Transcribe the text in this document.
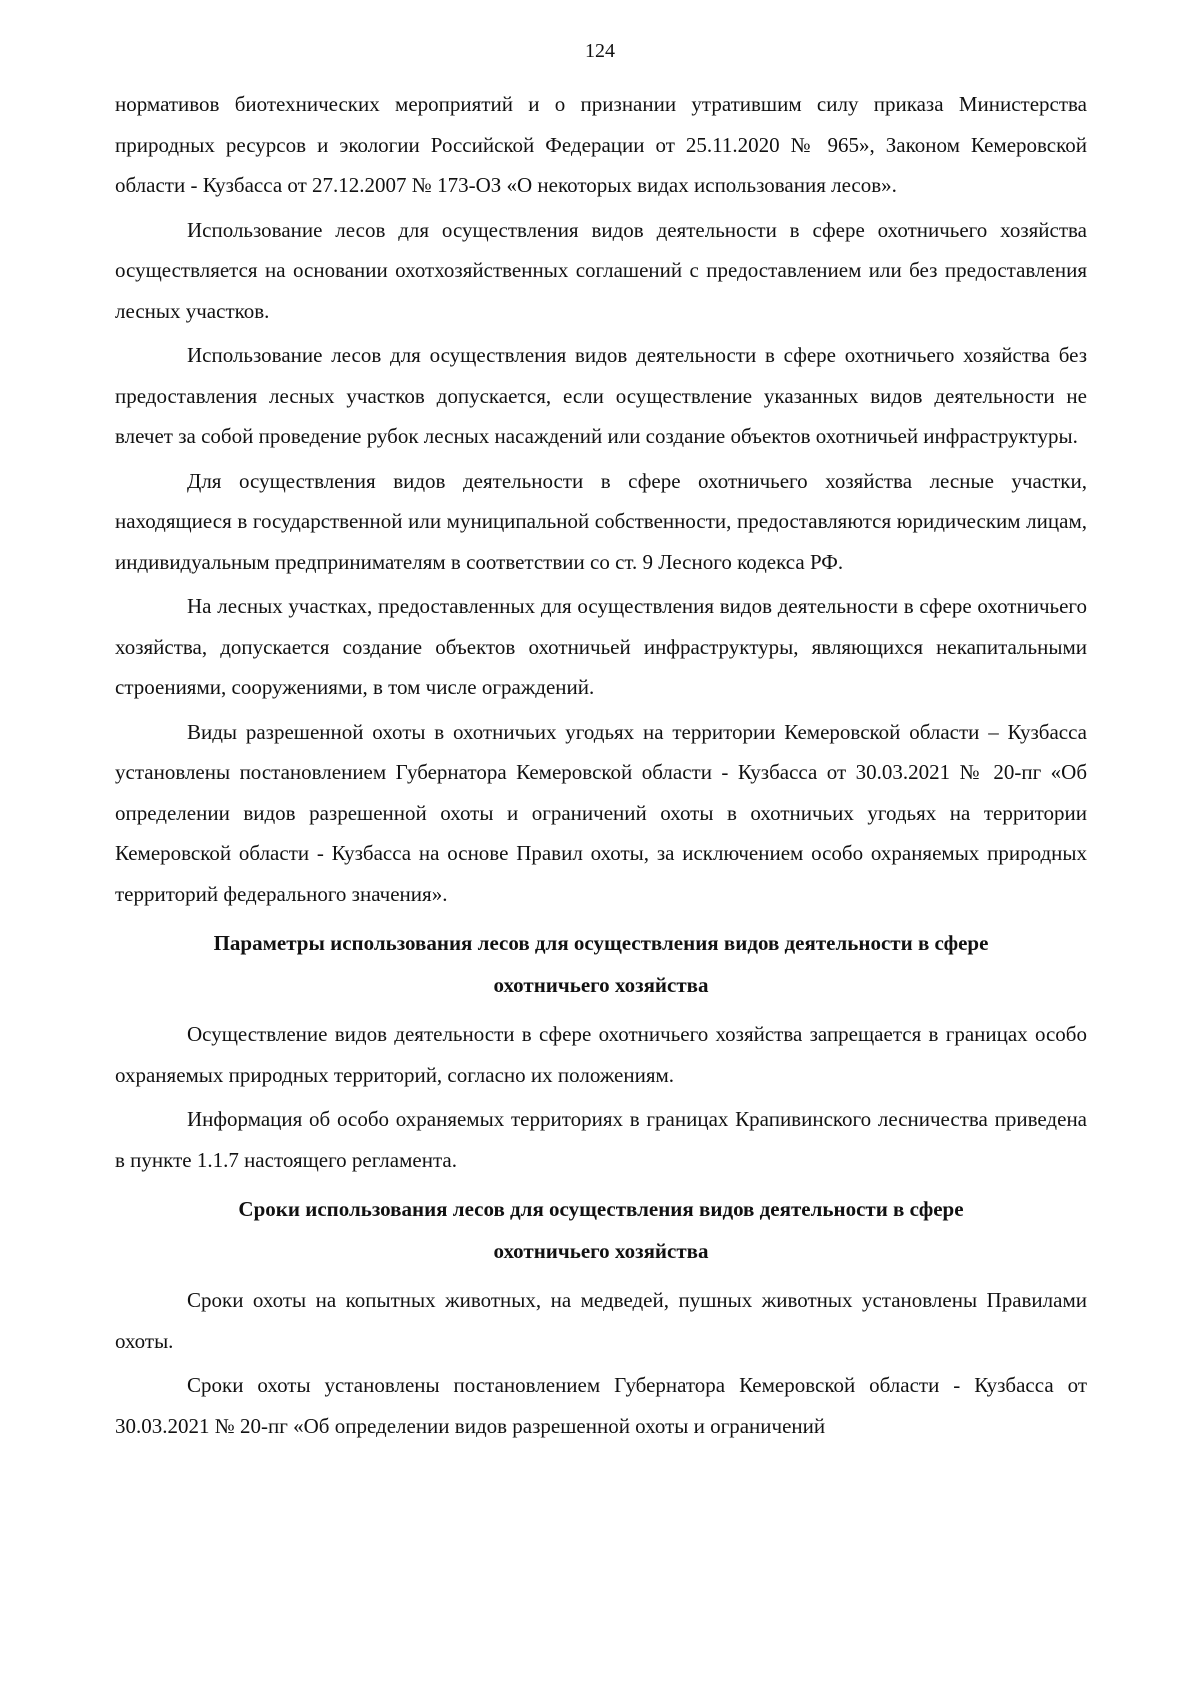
124

нормативов биотехнических мероприятий и о признании утратившим силу приказа Министерства природных ресурсов и экологии Российской Федерации от 25.11.2020 № 965», Законом Кемеровской области - Кузбасса от 27.12.2007 № 173-ОЗ «О некоторых видах использования лесов».

Использование лесов для осуществления видов деятельности в сфере охотничьего хозяйства осуществляется на основании охотхозяйственных соглашений с предоставлением или без предоставления лесных участков.

Использование лесов для осуществления видов деятельности в сфере охотничьего хозяйства без предоставления лесных участков допускается, если осуществление указанных видов деятельности не влечет за собой проведение рубок лесных насаждений или создание объектов охотничьей инфраструктуры.

Для осуществления видов деятельности в сфере охотничьего хозяйства лесные участки, находящиеся в государственной или муниципальной собственности, предоставляются юридическим лицам, индивидуальным предпринимателям в соответствии со ст. 9 Лесного кодекса РФ.

На лесных участках, предоставленных для осуществления видов деятельности в сфере охотничьего хозяйства, допускается создание объектов охотничьей инфраструктуры, являющихся некапитальными строениями, сооружениями, в том числе ограждений.

Виды разрешенной охоты в охотничьих угодьях на территории Кемеровской области – Кузбасса установлены постановлением Губернатора Кемеровской области - Кузбасса от 30.03.2021 № 20-пг «Об определении видов разрешенной охоты и ограничений охоты в охотничьих угодьях на территории Кемеровской области - Кузбасса на основе Правил охоты, за исключением особо охраняемых природных территорий федерального значения».

Параметры использования лесов для осуществления видов деятельности в сфере
охотничьего хозяйства

Осуществление видов деятельности в сфере охотничьего хозяйства запрещается в границах особо охраняемых природных территорий, согласно их положениям.

Информация об особо охраняемых территориях в границах Крапивинского лесничества приведена в пункте 1.1.7 настоящего регламента.

Сроки использования лесов для осуществления видов деятельности в сфере
охотничьего хозяйства

Сроки охоты на копытных животных, на медведей, пушных животных установлены Правилами охоты.

Сроки охоты установлены постановлением Губернатора Кемеровской области - Кузбасса от 30.03.2021 № 20-пг «Об определении видов разрешенной охоты и ограничений
